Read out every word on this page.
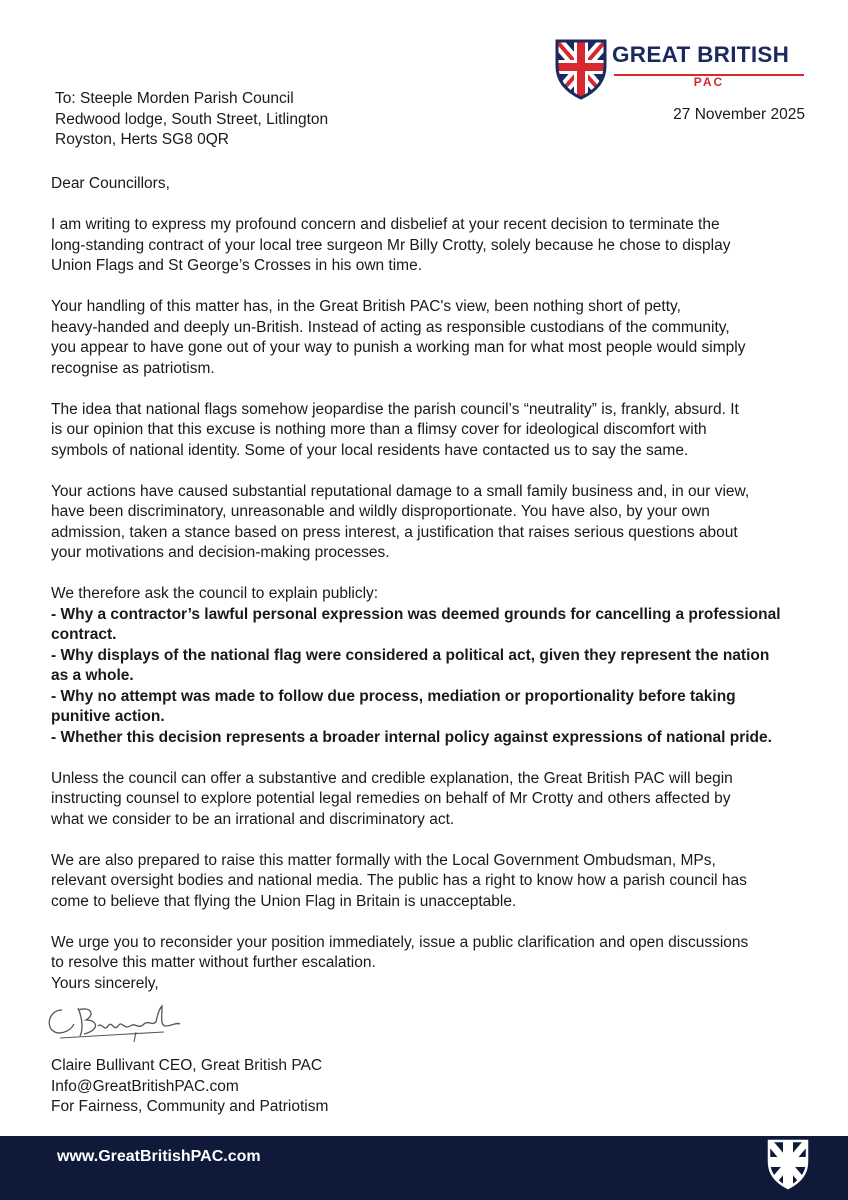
GREAT BRITISH
PAC
27 November 2025
To: Steeple Morden Parish Council
Redwood lodge, South Street, Litlington
Royston, Herts SG8 0QR
Dear Councillors,
I am writing to express my profound concern and disbelief at your recent decision to terminate the
long-standing contract of your local tree surgeon Mr Billy Crotty, solely because he chose to display
Union Flags and St George’s Crosses in his own time.
Your handling of this matter has, in the Great British PAC's view, been nothing short of petty,
heavy-handed and deeply un-British. Instead of acting as responsible custodians of the community,
you appear to have gone out of your way to punish a working man for what most people would simply
recognise as patriotism.
The idea that national flags somehow jeopardise the parish council’s “neutrality” is, frankly, absurd. It
is our opinion that this excuse is nothing more than a flimsy cover for ideological discomfort with
symbols of national identity. Some of your local residents have contacted us to say the same.
Your actions have caused substantial reputational damage to a small family business and, in our view,
have been discriminatory, unreasonable and wildly disproportionate. You have also, by your own
admission, taken a stance based on press interest, a justification that raises serious questions about
your motivations and decision-making processes.
We therefore ask the council to explain publicly:
- Why a contractor’s lawful personal expression was deemed grounds for cancelling a professional
contract.
- Why displays of the national flag were considered a political act, given they represent the nation
as a whole.
- Why no attempt was made to follow due process, mediation or proportionality before taking
punitive action.
- Whether this decision represents a broader internal policy against expressions of national pride.
Unless the council can offer a substantive and credible explanation, the Great British PAC will begin
instructing counsel to explore potential legal remedies on behalf of Mr Crotty and others affected by
what we consider to be an irrational and discriminatory act.
We are also prepared to raise this matter formally with the Local Government Ombudsman, MPs,
relevant oversight bodies and national media. The public has a right to know how a parish council has
come to believe that flying the Union Flag in Britain is unacceptable.
We urge you to reconsider your position immediately, issue a public clarification and open discussions
to resolve this matter without further escalation.
Yours sincerely,
Claire Bullivant CEO, Great British PAC
Info@GreatBritishPAC.com
For Fairness, Community and Patriotism
www.GreatBritishPAC.com
